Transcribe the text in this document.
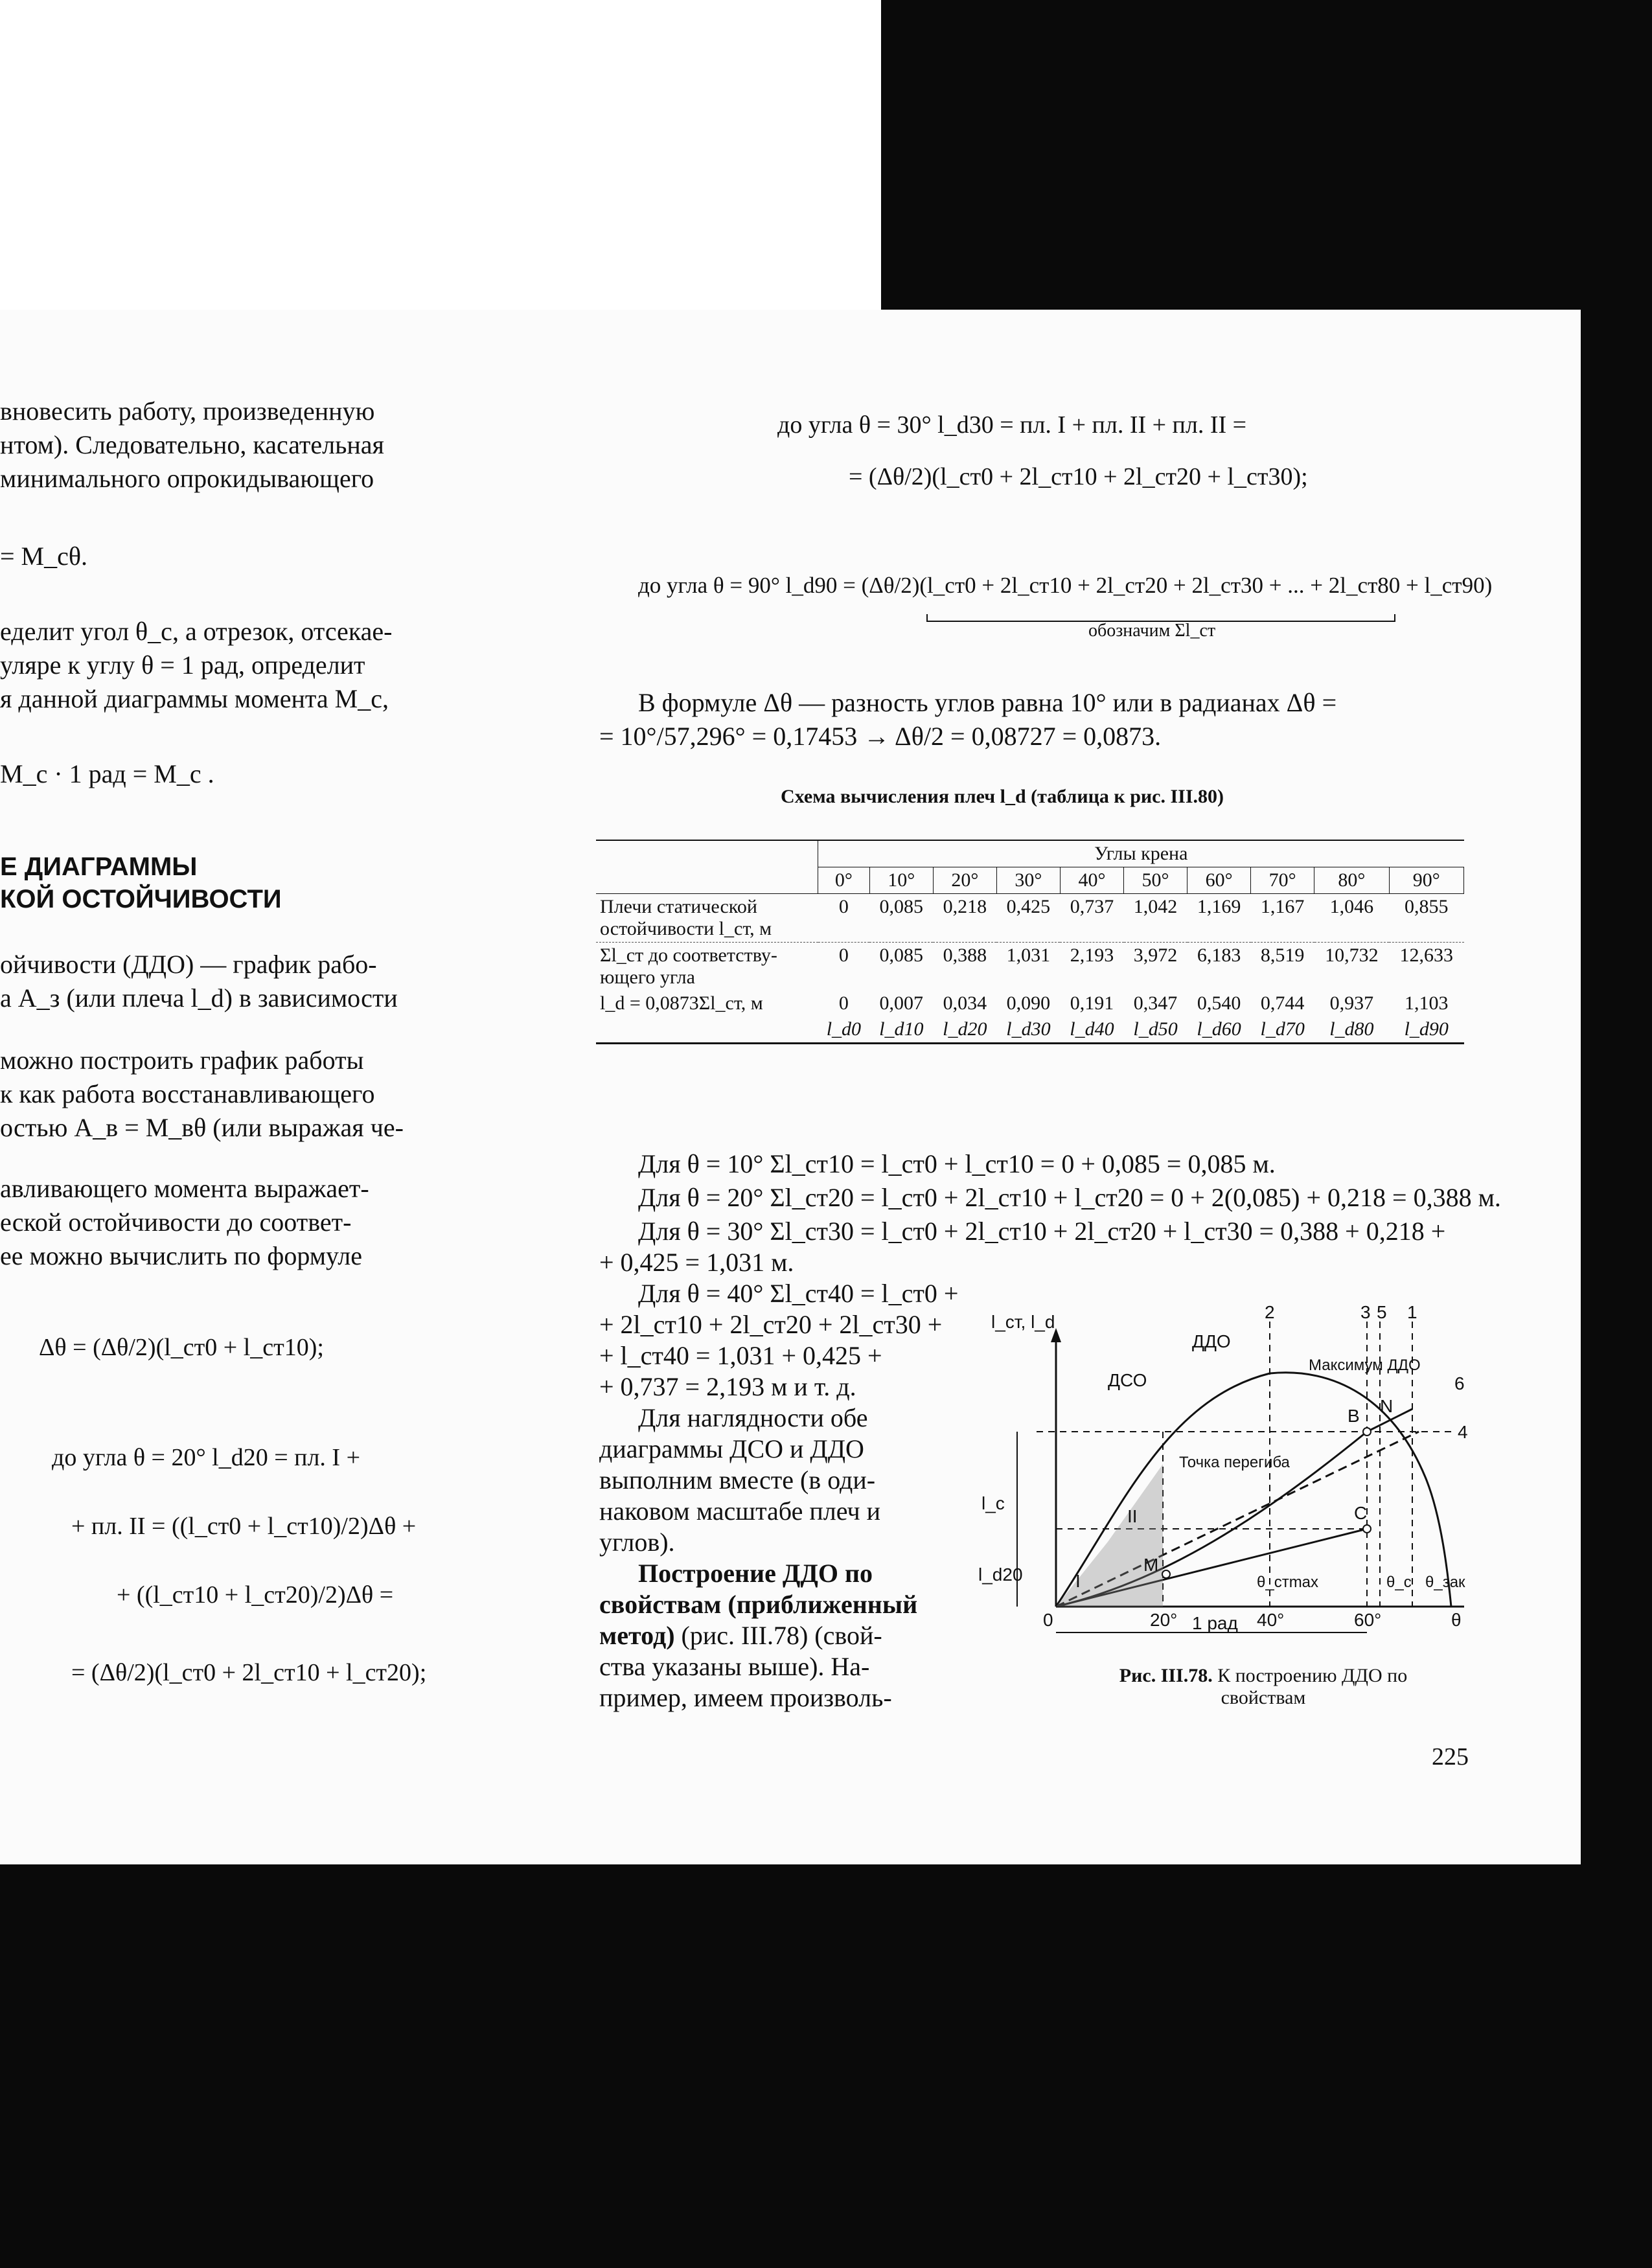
вновесить работу, произведенную
нтом). Следовательно, касательная
минимального опрокидывающего
= M_cθ.
еделит угол θ_c, а отрезок, отсекае-
уляре к углу θ = 1 рад, определит
я данной диаграммы момента M_c,
M_c · 1 рад = M_c .
Е ДИАГРАММЫ
КОЙ ОСТОЙЧИВОСТИ
ойчивости (ДДО) — график рабо-
а A_з (или плеча l_d) в зависимости
можно построить график работы
к как работа восстанавливающего
остью A_в = M_вθ (или выражая че-
авливающего момента выражает-
еской остойчивости до соответ-
ее можно вычислить по формуле
Δθ = (Δθ/2)(l_ст0 + l_ст10);
до угла θ = 20° l_d20 = пл. I +
+ пл. II = ((l_ст0 + l_ст10)/2)Δθ +
+ ((l_ст10 + l_ст20)/2)Δθ =
= (Δθ/2)(l_ст0 + 2l_ст10 + l_ст20);
до угла θ = 30° l_d30 = пл. I + пл. II + пл. II =
= (Δθ/2)(l_ст0 + 2l_ст10 + 2l_ст20 + l_ст30);
до угла θ = 90° l_d90 = (Δθ/2)(l_ст0 + 2l_ст10 + 2l_ст20 + 2l_ст30 + ... + 2l_ст80 + l_ст90)
обозначим Σl_ст
В формуле Δθ — разность углов равна 10° или в радианах Δθ =
= 10°/57,296° = 0,17453 → Δθ/2 = 0,08727 = 0,0873.
Схема вычисления плеч l_d (таблица к рис. III.80)
	Углы крена									
	0°	10°	20°	30°	40°	50°	60°	70°	80°	90°
Плечи статической
остойчивости l_ст, м	0	0,085	0,218	0,425	0,737	1,042	1,169	1,167	1,046	0,855
Σl_ст до соответству-
ющего угла	0	0,085	0,388	1,031	2,193	3,972	6,183	8,519	10,732	12,633
l_d = 0,0873Σl_ст, м	0	0,007	0,034	0,090	0,191	0,347	0,540	0,744	0,937	1,103
	l_d0	l_d10	l_d20	l_d30	l_d40	l_d50	l_d60	l_d70	l_d80	l_d90
Для θ = 10° Σl_ст10 = l_ст0 + l_ст10 = 0 + 0,085 = 0,085 м.
Для θ = 20° Σl_ст20 = l_ст0 + 2l_ст10 + l_ст20 = 0 + 2(0,085) + 0,218 = 0,388 м.
Для θ = 30° Σl_ст30 = l_ст0 + 2l_ст10 + 2l_ст20 + l_ст30 = 0,388 + 0,218 +
+ 0,425 = 1,031 м.
Для θ = 40° Σl_ст40 = l_ст0 +
+ 2l_ст10 + 2l_ст20 + 2l_ст30 +
+ l_ст40 = 1,031 + 0,425 +
+ 0,737 = 2,193 м и т. д.
Для наглядности обе
диаграммы ДСО и ДДО
выполним вместе (в оди-
наковом масштабе плеч и
углов).
Построение ДДО по
свойствам (приближенный
метод) (рис. III.78) (свой-
ства указаны выше). На-
пример, имеем произволь-
l_ст, l_d
θ
ДДО
ДСО
Максимум ДДО
Точка перегиба
B N
C
M
I
II
l_c
l_d20	θ_стmax	θ_c θ_зак
1 рад
0	20°	40°	60°
2	3 5 1
6
4
Рис. III.78. К построению ДДО по
свойствам
225
